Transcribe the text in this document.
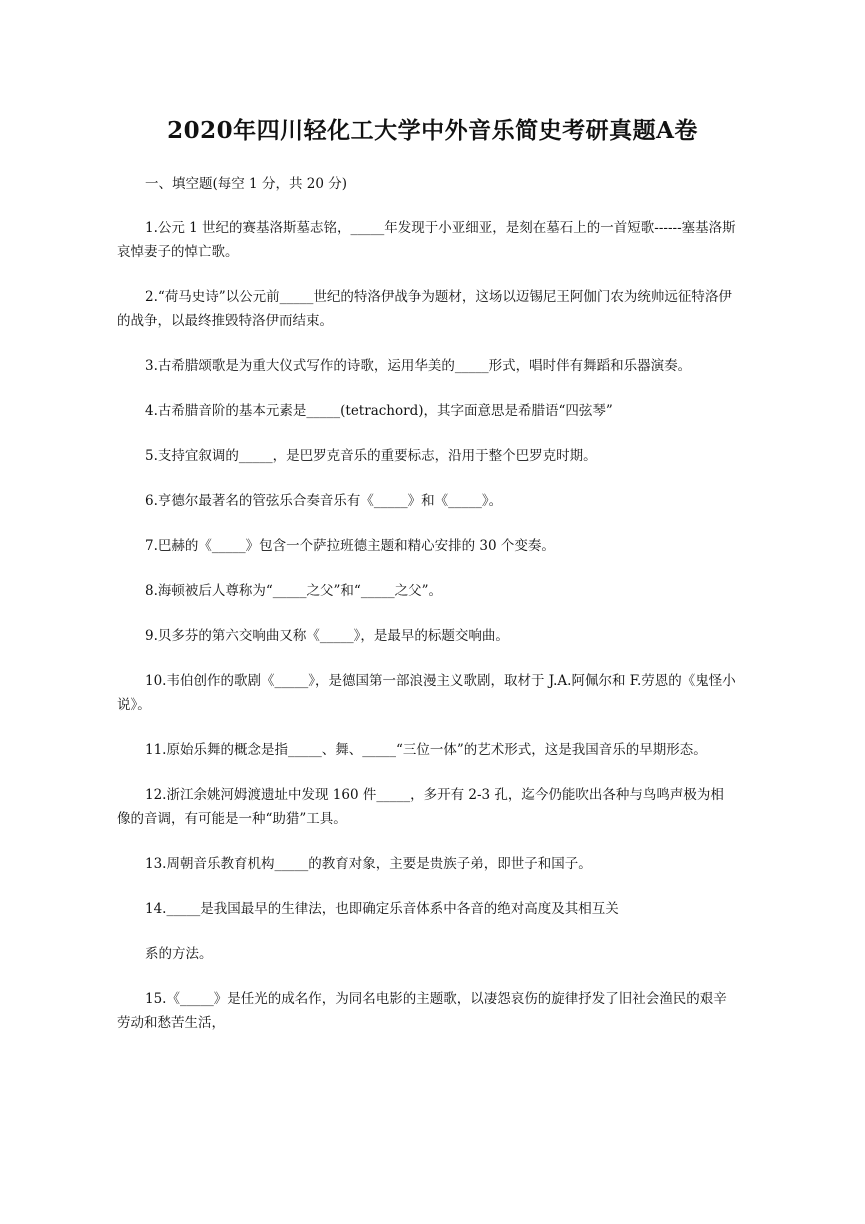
2020年四川轻化工大学中外音乐简史考研真题A卷

一、填空题(每空 1 分，共 20 分)

1.公元 1 世纪的赛基洛斯墓志铭，_____年发现于小亚细亚，是刻在墓石上的一首短歌------塞基洛斯哀悼妻子的悼亡歌。

2.“荷马史诗”以公元前_____世纪的特洛伊战争为题材，这场以迈锡尼王阿伽门农为统帅远征特洛伊的战争，以最终推毁特洛伊而结束。

3.古希腊颂歌是为重大仪式写作的诗歌，运用华美的_____形式，唱时伴有舞蹈和乐器演奏。

4.古希腊音阶的基本元素是_____(tetrachord)，其字面意思是希腊语“四弦琴”

5.支持宜叙调的_____，是巴罗克音乐的重要标志，沿用于整个巴罗克时期。

6.亨德尔最著名的管弦乐合奏音乐有《_____》和《_____》。

7.巴赫的《_____》包含一个萨拉班德主题和精心安排的 30 个变奏。

8.海顿被后人尊称为“_____之父”和“_____之父”。

9.贝多芬的第六交响曲又称《_____》，是最早的标题交响曲。

10.韦伯创作的歌剧《_____》，是德国第一部浪漫主义歌剧，取材于 J.A.阿佩尔和 F.劳恩的《鬼怪小说》。

11.原始乐舞的概念是指_____、舞、_____“三位一体”的艺术形式，这是我国音乐的早期形态。

12.浙江余姚河姆渡遗址中发现 160 件_____，多开有 2-3 孔，迄今仍能吹出各种与鸟鸣声极为相像的音调，有可能是一种“助猎”工具。

13.周朝音乐教育机构_____的教育对象，主要是贵族子弟，即世子和国子。

14._____是我国最早的生律法，也即确定乐音体系中各音的绝对高度及其相互关

系的方法。

15.《_____》是任光的成名作，为同名电影的主题歌，以凄怨哀伤的旋律抒发了旧社会渔民的艰辛劳动和愁苦生活，
